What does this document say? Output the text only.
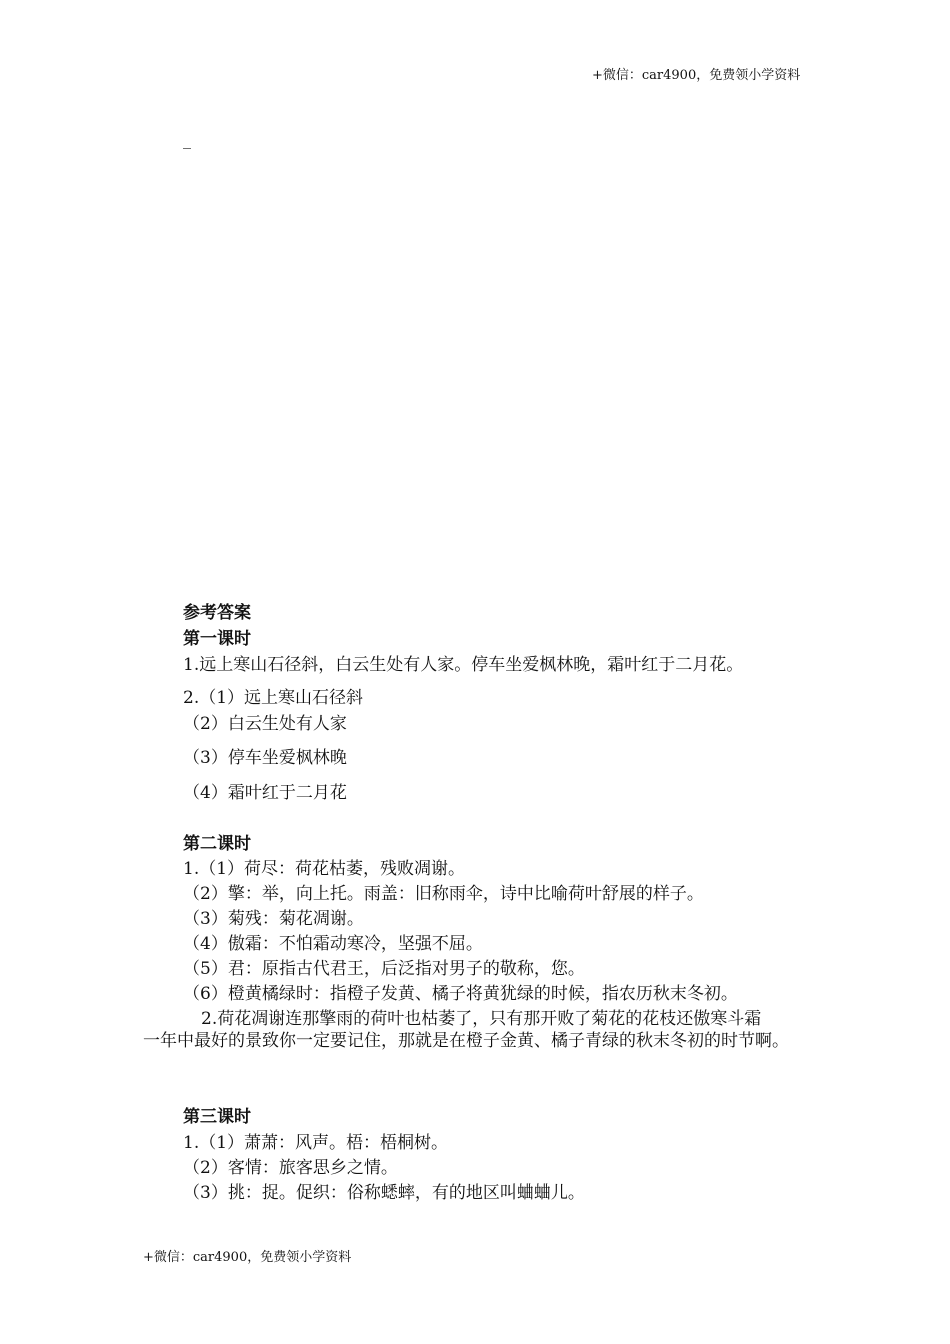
+微信：car4900，免费领小学资料
_
参考答案
第一课时
1.远上寒山石径斜，白云生处有人家。停车坐爱枫林晚，霜叶红于二月花。
2.（1）远上寒山石径斜
（2）白云生处有人家
（3）停车坐爱枫林晚
（4）霜叶红于二月花
第二课时
1.（1）荷尽：荷花枯萎，残败凋谢。
（2）擎：举，向上托。雨盖：旧称雨伞，诗中比喻荷叶舒展的样子。
（3）菊残：菊花凋谢。
（4）傲霜：不怕霜动寒冷，坚强不屈。
（5）君：原指古代君王，后泛指对男子的敬称，您。
（6）橙黄橘绿时：指橙子发黄、橘子将黄犹绿的时候，指农历秋末冬初。
2.荷花凋谢连那擎雨的荷叶也枯萎了，只有那开败了菊花的花枝还傲寒斗霜
一年中最好的景致你一定要记住，那就是在橙子金黄、橘子青绿的秋末冬初的时节啊。
第三课时
1.（1）萧萧：风声。梧：梧桐树。
（2）客情：旅客思乡之情。
（3）挑：捉。促织：俗称蟋蟀，有的地区叫蛐蛐儿。
+微信：car4900，免费领小学资料
